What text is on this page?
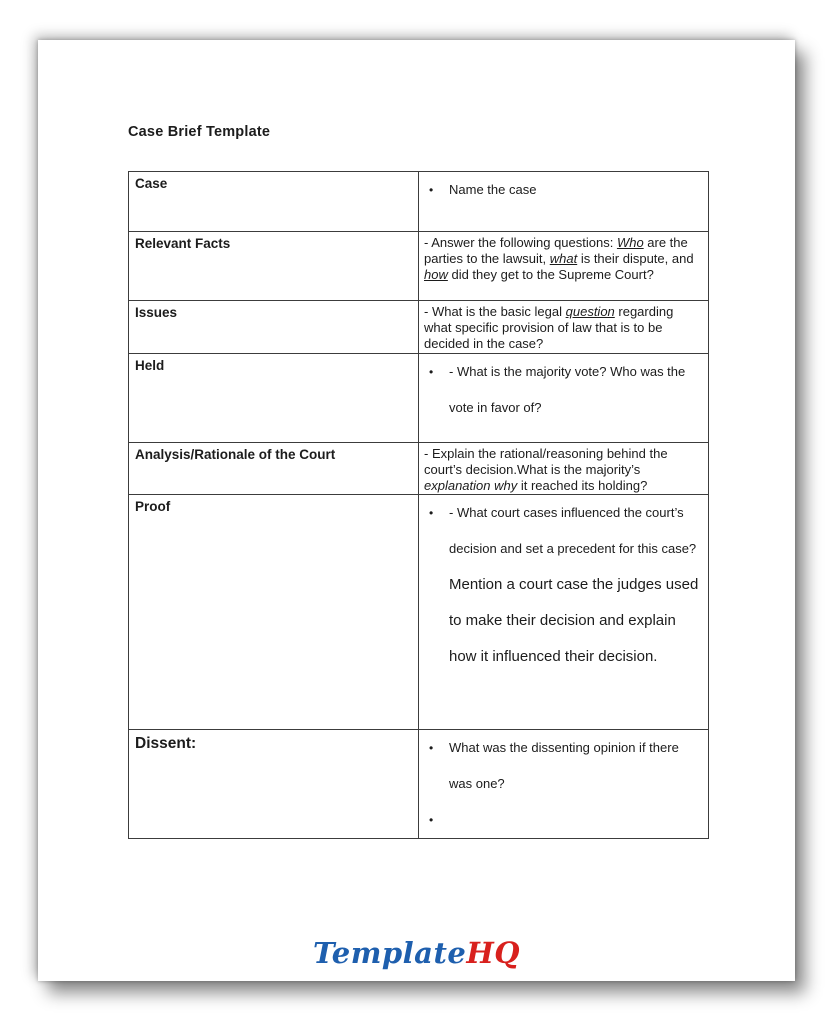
Case Brief Template
Case	• Name the case

Relevant Facts	- Answer the following questions: Who are the parties to the lawsuit, what is their dispute, and how did they get to the Supreme Court?

Issues	- What is the basic legal question regarding what specific provision of law that is to be decided in the case?

Held	• - What is the majority vote? Who was the vote in favor of?

Analysis/Rationale of the Court	- Explain the rational/reasoning behind the court’s decision.What is the majority’s explanation why it reached its holding?

Proof	• - What court cases influenced the court’s decision and set a precedent for this case? Mention a court case the judges used to make their decision and explain how it influenced their decision.

Dissent:	• What was the dissenting opinion if there was one?
•
TemplateHQ
